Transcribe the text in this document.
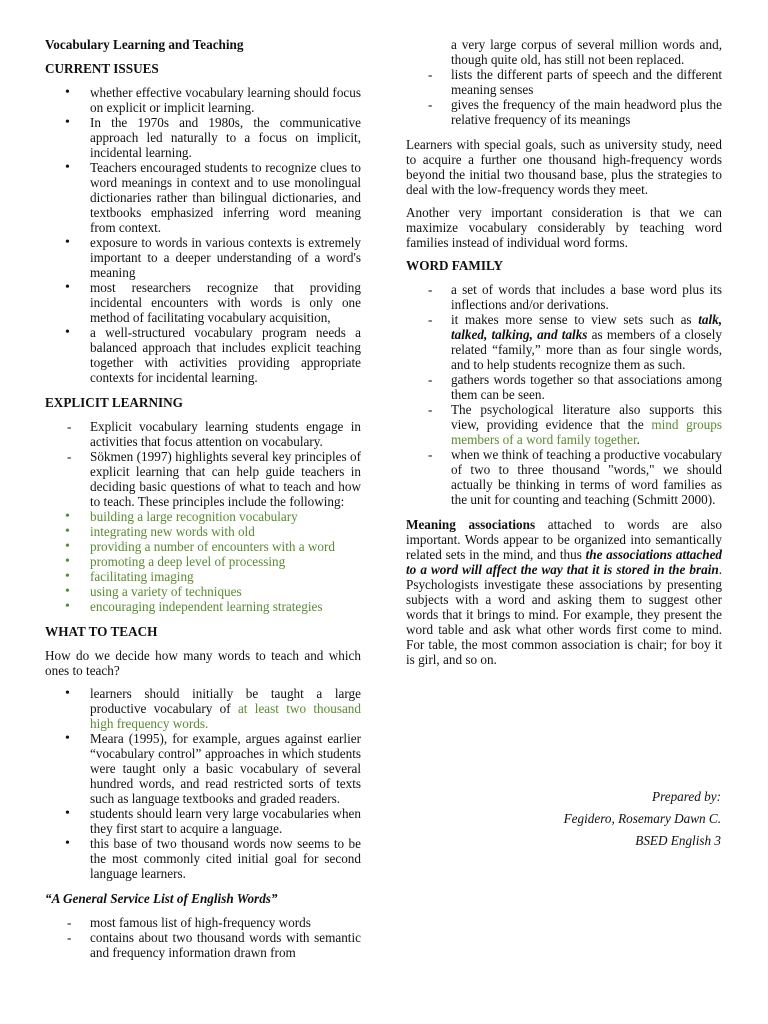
Vocabulary Learning and Teaching
CURRENT ISSUES
• whether effective vocabulary learning should focus on explicit or implicit learning.
• In the 1970s and 1980s, the communicative approach led naturally to a focus on implicit, incidental learning.
• Teachers encouraged students to recognize clues to word meanings in context and to use monolingual dictionaries rather than bilingual dictionaries, and textbooks emphasized inferring word meaning from context.
• exposure to words in various contexts is extremely important to a deeper understanding of a word's meaning
• most researchers recognize that providing incidental encounters with words is only one method of facilitating vocabulary acquisition,
• a well-structured vocabulary program needs a balanced approach that includes explicit teaching together with activities providing appropriate contexts for incidental learning.
EXPLICIT LEARNING
- Explicit vocabulary learning students engage in activities that focus attention on vocabulary.
- Sökmen (1997) highlights several key principles of explicit learning that can help guide teachers in deciding basic questions of what to teach and how to teach. These principles include the following:
• building a large recognition vocabulary
• integrating new words with old
• providing a number of encounters with a word
• promoting a deep level of processing
• facilitating imaging
• using a variety of techniques
• encouraging independent learning strategies
WHAT TO TEACH

How do we decide how many words to teach and which ones to teach?

• learners should initially be taught a large productive vocabulary of at least two thousand high frequency words.
• Meara (1995), for example, argues against earlier “vocabulary control” approaches in which students were taught only a basic vocabulary of several hundred words, and read restricted sorts of texts such as language textbooks and graded readers.
• students should learn very large vocabularies when they first start to acquire a language.
• this base of two thousand words now seems to be the most commonly cited initial goal for second language learners.
“A General Service List of English Words”
- most famous list of high-frequency words
- contains about two thousand words with semantic and frequency information drawn from
a very large corpus of several million words and, though quite old, has still not been replaced.
- lists the different parts of speech and the different meaning senses
- gives the frequency of the main headword plus the relative frequency of its meanings

Learners with special goals, such as university study, need to acquire a further one thousand high-frequency words beyond the initial two thousand base, plus the strategies to deal with the low-frequency words they meet.

Another very important consideration is that we can maximize vocabulary considerably by teaching word families instead of individual word forms.

WORD FAMILY
- a set of words that includes a base word plus its inflections and/or derivations.
- it makes more sense to view sets such as talk, talked, talking, and talks as members of a closely related “family,” more than as four single words, and to help students recognize them as such.
- gathers words together so that associations among them can be seen.
- The psychological literature also supports this view, providing evidence that the mind groups members of a word family together.
- when we think of teaching a productive vocabulary of two to three thousand "words," we should actually be thinking in terms of word families as the unit for counting and teaching (Schmitt 2000).

Meaning associations attached to words are also important. Words appear to be organized into semantically related sets in the mind, and thus the associations attached to a word will affect the way that it is stored in the brain. Psychologists investigate these associations by presenting subjects with a word and asking them to suggest other words that it brings to mind. For example, they present the word table and ask what other words first come to mind. For table, the most common association is chair; for boy it is girl, and so on.

Prepared by:
Fegidero, Rosemary Dawn C.
BSED English 3
